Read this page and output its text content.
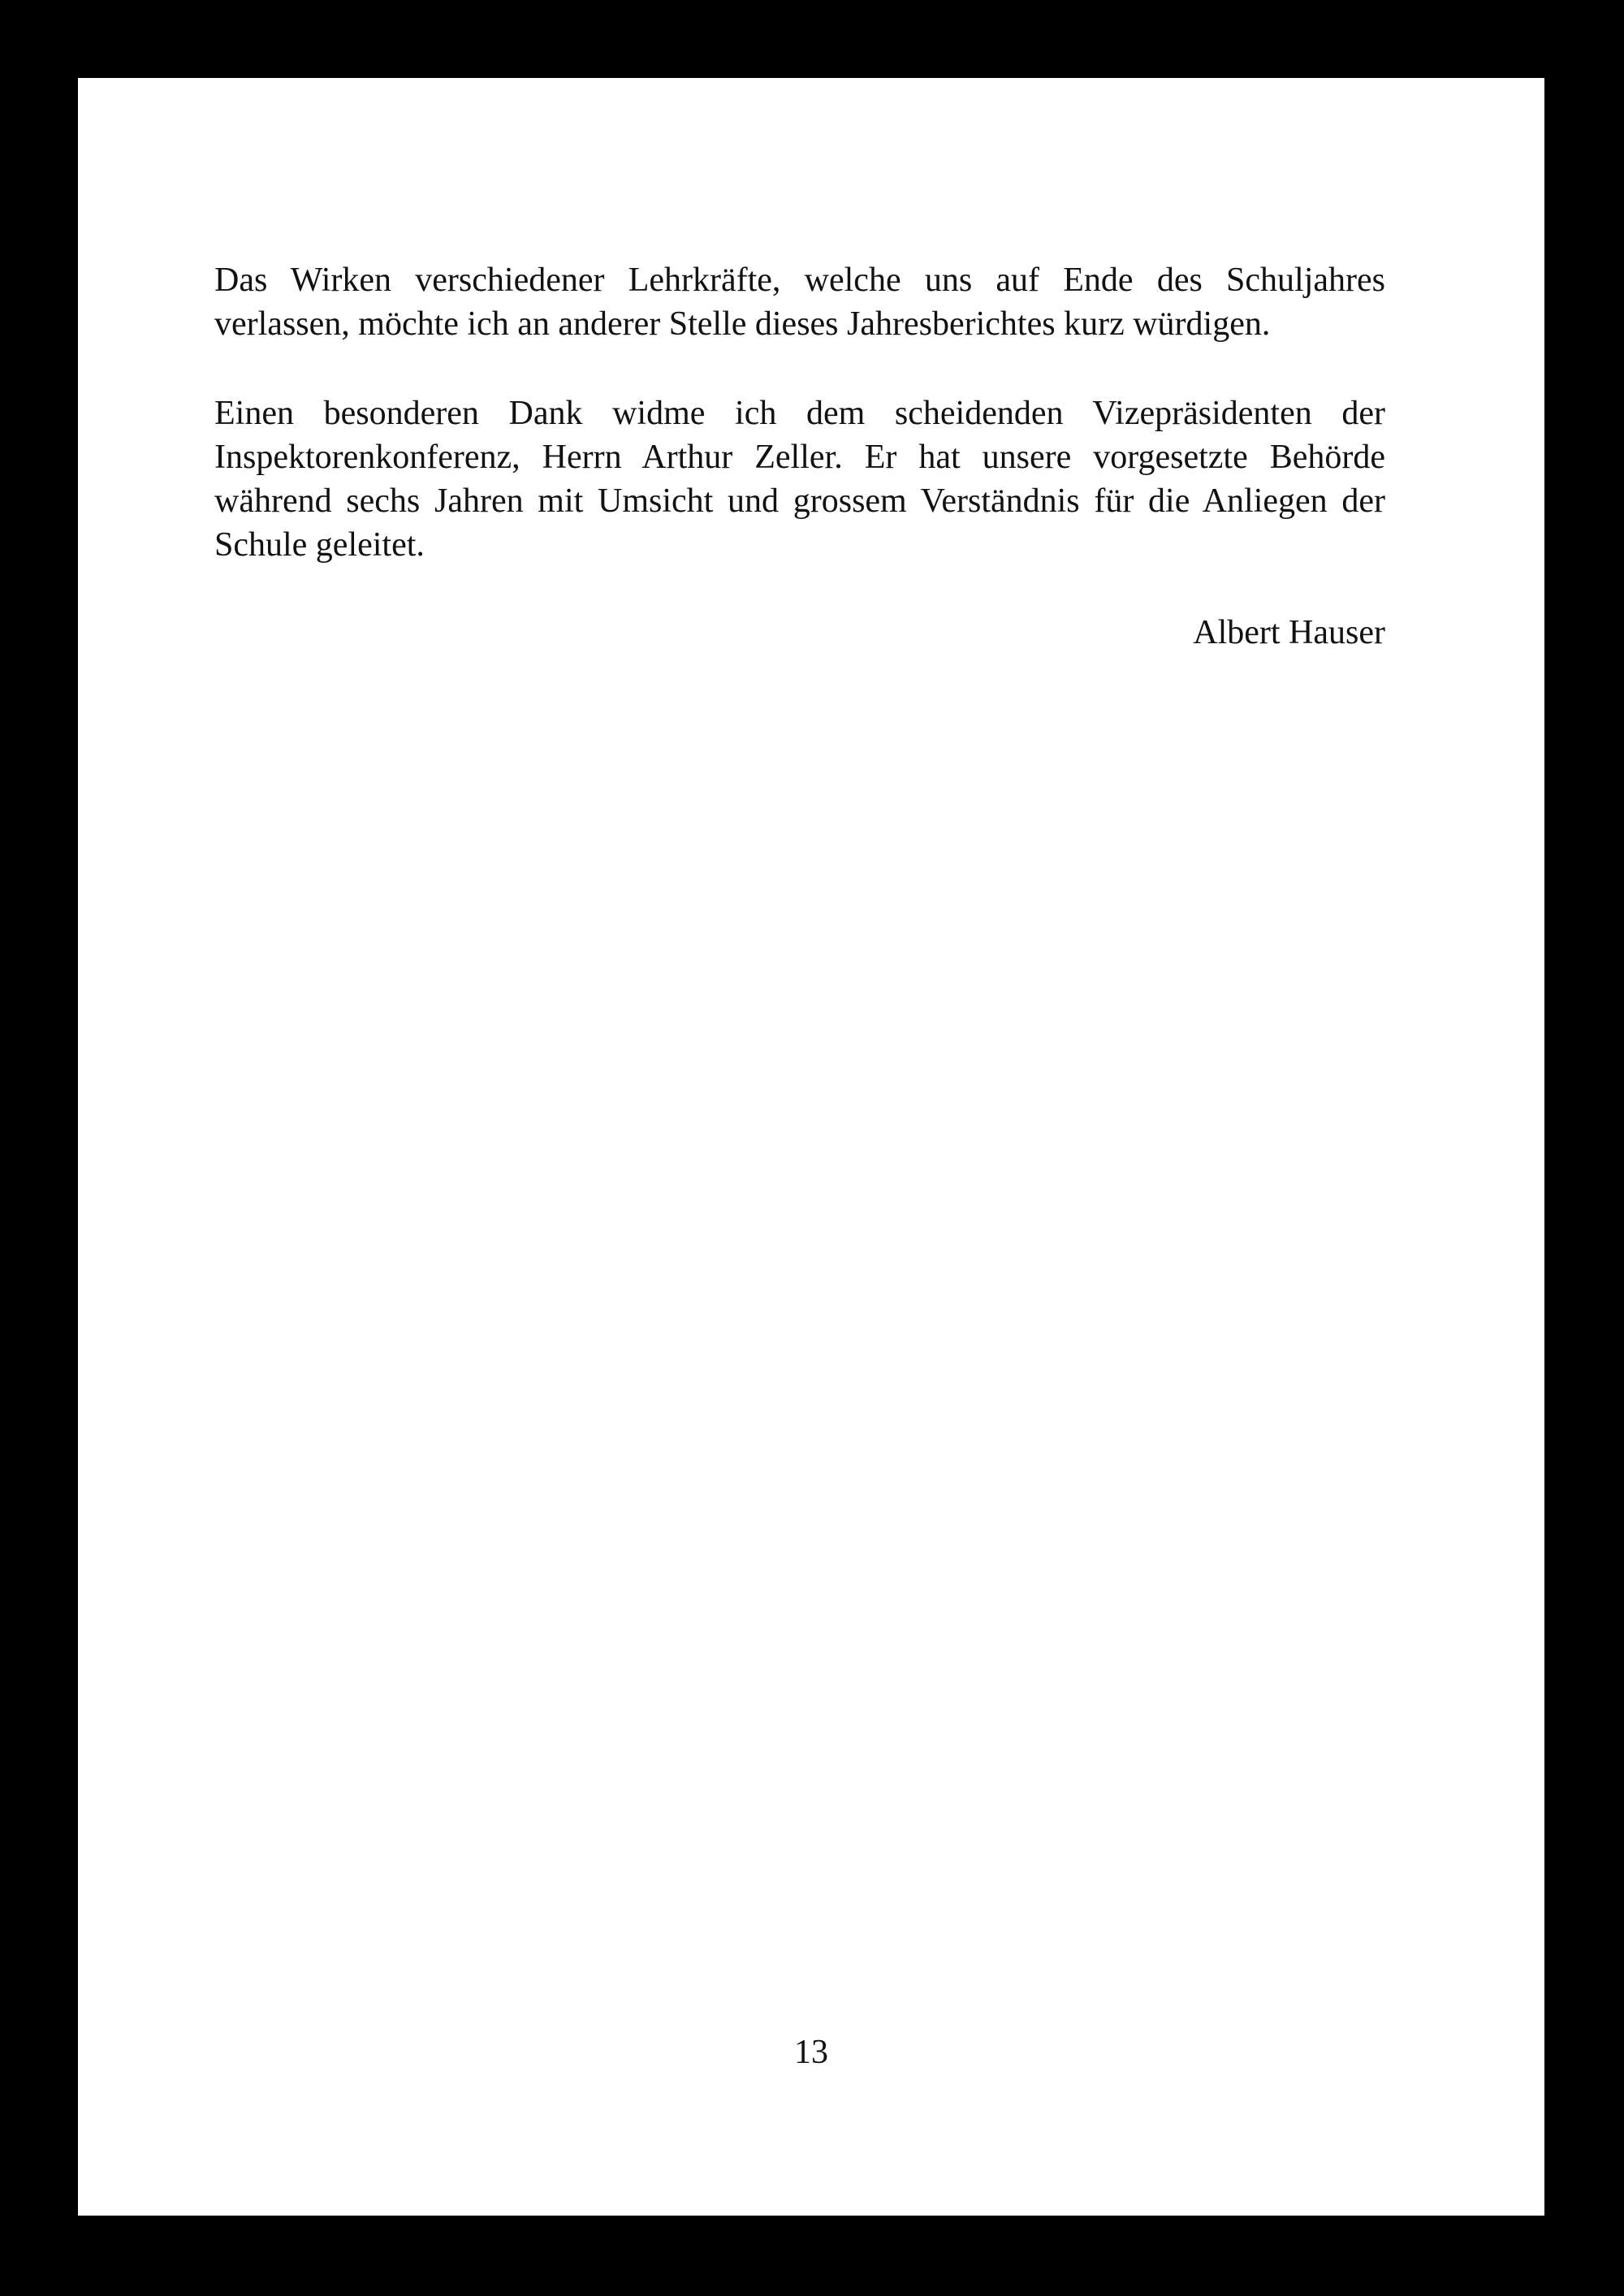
Das Wirken verschiedener Lehrkräfte, welche uns auf Ende des Schuljahres verlassen, möchte ich an anderer Stelle dieses Jahresberichtes kurz würdigen.

Einen besonderen Dank widme ich dem scheidenden Vizepräsidenten der Inspektorenkonferenz, Herrn Arthur Zeller. Er hat unsere vorgesetzte Behörde während sechs Jahren mit Umsicht und grossem Verständnis für die Anliegen der Schule geleitet.

Albert Hauser

13
